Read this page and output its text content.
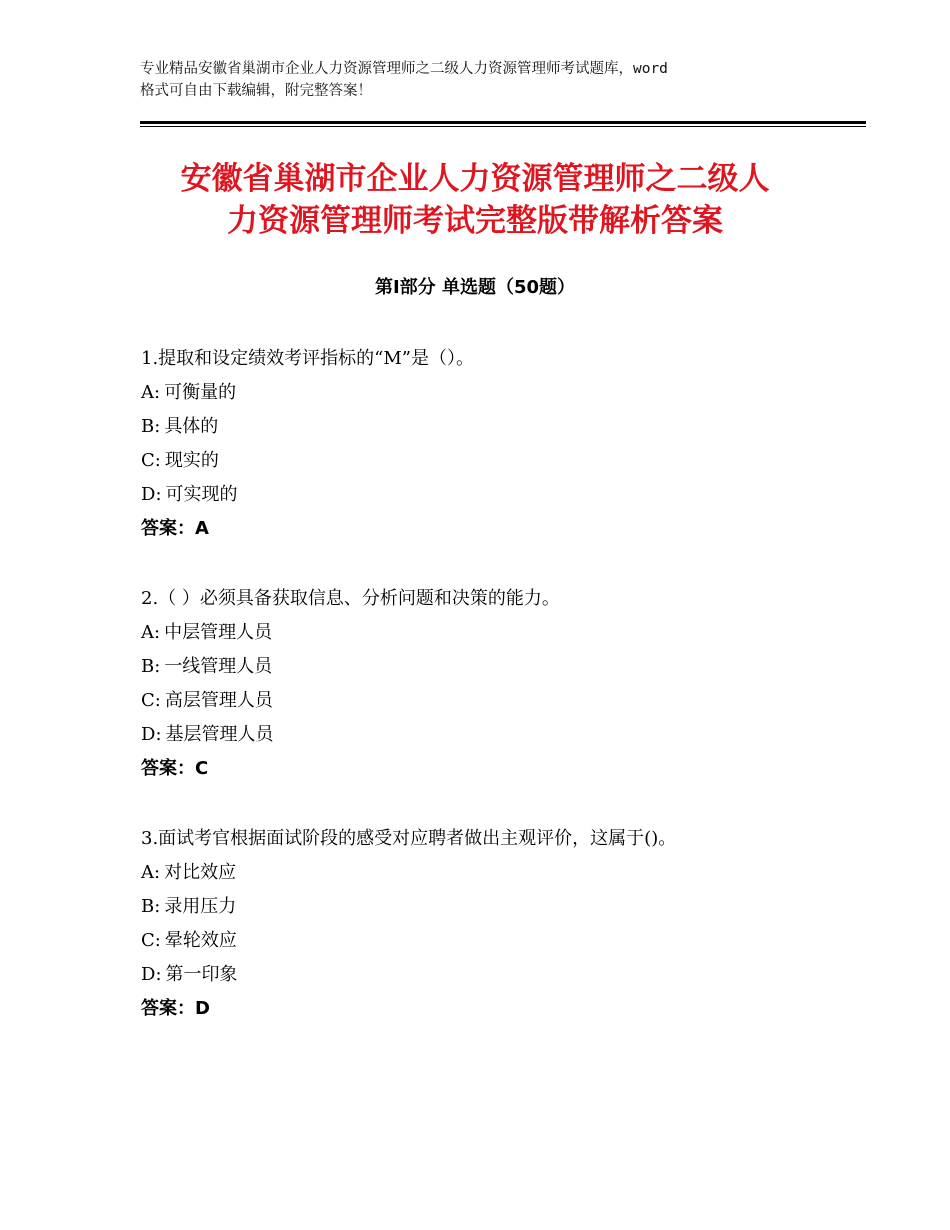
专业精品安徽省巢湖市企业人力资源管理师之二级人力资源管理师考试题库，word
格式可自由下载编辑，附完整答案！
安徽省巢湖市企业人力资源管理师之二级人
力资源管理师考试完整版带解析答案
第Ⅰ部分 单选题（50题）
1.提取和设定绩效考评指标的“M”是（）。
A: 可衡量的
B: 具体的
C: 现实的
D: 可实现的
答案：A
2.（ ）必须具备获取信息、分析问题和决策的能力。
A: 中层管理人员
B: 一线管理人员
C: 高层管理人员
D: 基层管理人员
答案：C
3.面试考官根据面试阶段的感受对应聘者做出主观评价，这属于()。
A: 对比效应
B: 录用压力
C: 晕轮效应
D: 第一印象
答案：D
